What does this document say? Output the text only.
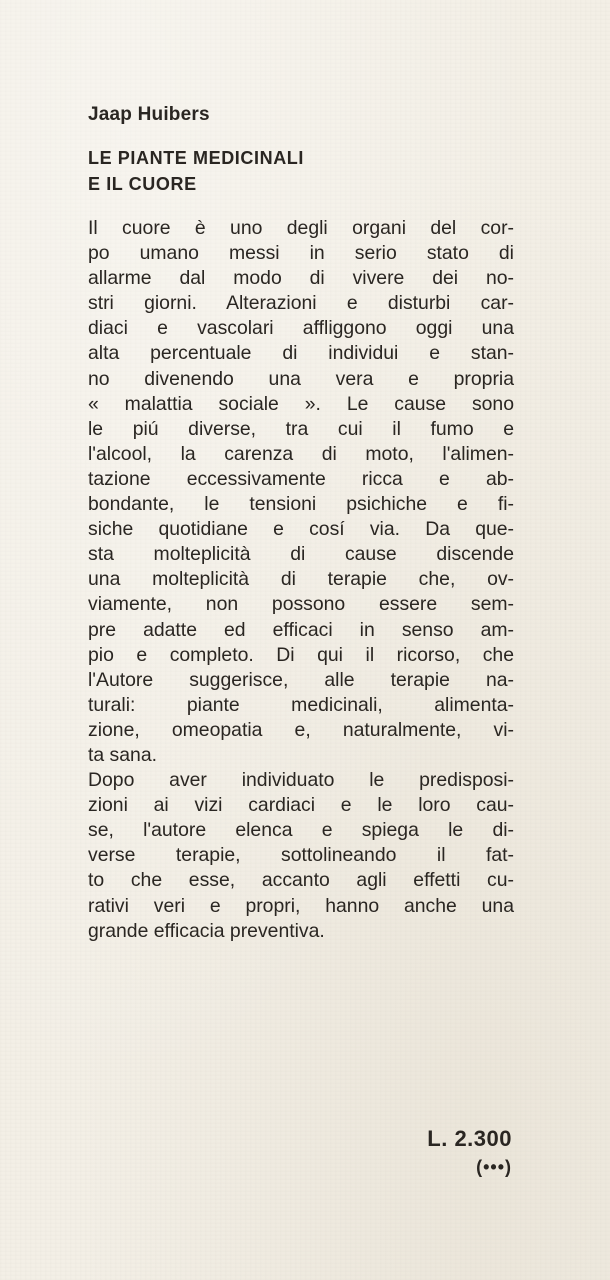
Jaap Huibers

LE PIANTE MEDICINALI
E IL CUORE
Il cuore è uno degli organi del cor-
po umano messi in serio stato di
allarme dal modo di vivere dei no-
stri giorni. Alterazioni e disturbi car-
diaci e vascolari affliggono oggi una
alta percentuale di individui e stan-
no divenendo una vera e propria
« malattia sociale ». Le cause sono
le piú diverse, tra cui il fumo e
l'alcool, la carenza di moto, l'alimen-
tazione eccessivamente ricca e ab-
bondante, le tensioni psichiche e fi-
siche quotidiane e cosí via. Da que-
sta molteplicità di cause discende
una molteplicità di terapie che, ov-
viamente, non possono essere sem-
pre adatte ed efficaci in senso am-
pio e completo. Di qui il ricorso, che
l'Autore suggerisce, alle terapie na-
turali: piante medicinali, alimenta-
zione, omeopatia e, naturalmente, vi-
ta sana.
Dopo aver individuato le predisposi-
zioni ai vizi cardiaci e le loro cau-
se, l'autore elenca e spiega le di-
verse terapie, sottolineando il fat-
to che esse, accanto agli effetti cu-
rativi veri e propri, hanno anche una
grande efficacia preventiva.
L. 2.300
(•••)
